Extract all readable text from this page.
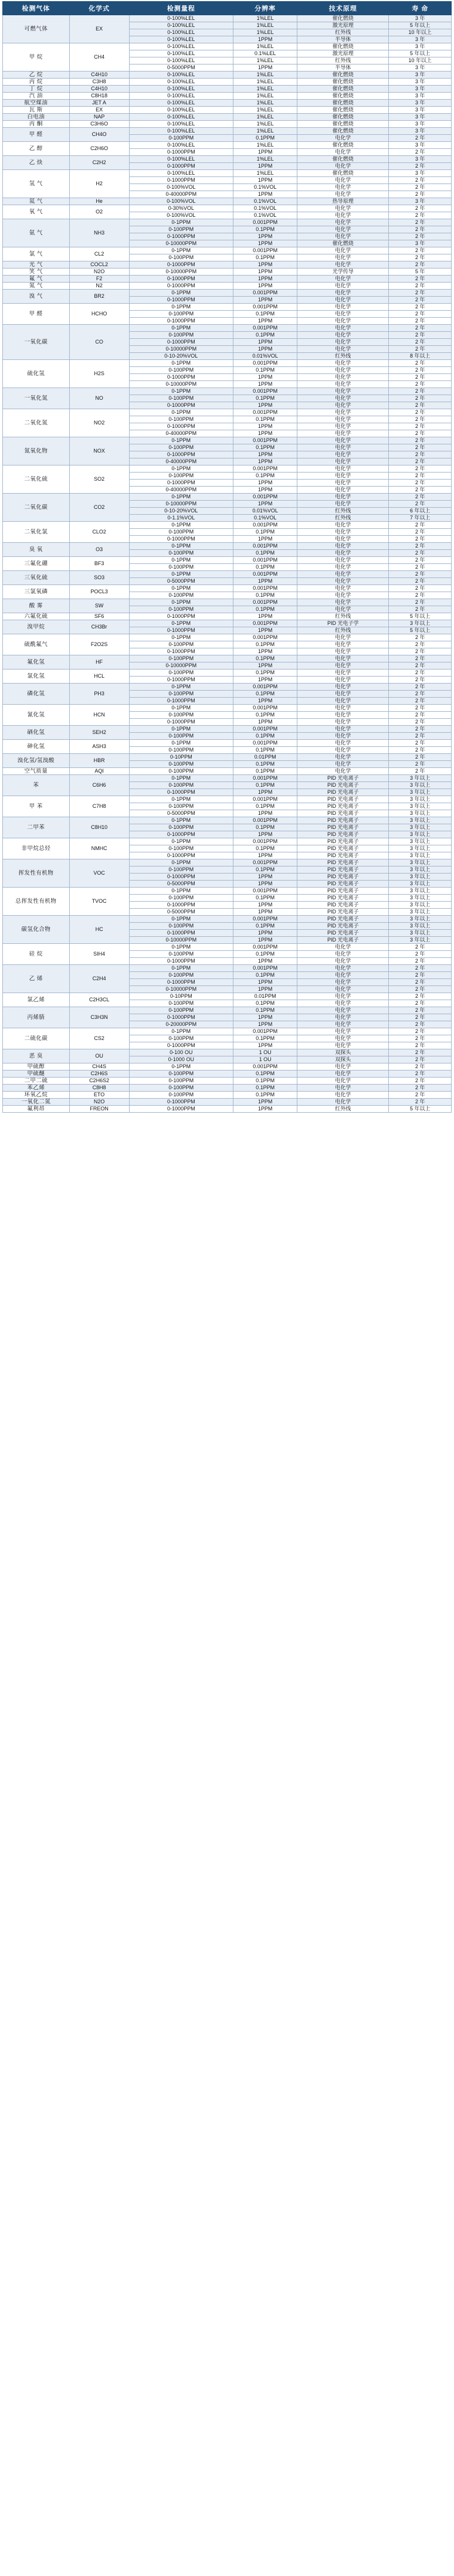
检测气体	化学式	检测量程	分辨率	技术原理	寿 命
可燃气体	EX	0-100%LEL	1%LEL	催化燃烧	3 年
		0-100%LEL	1%LEL	激光原理	5 年以上
		0-100%LEL	1%LEL	红外线	10 年以上
		0-100%LEL	1PPM	半导体	3 年
甲 烷	CH4	0-100%LEL	1%LEL	催化燃烧	3 年
		0-100%LEL	0.1%LEL	激光原理	5 年以上
		0-100%LEL	1%LEL	红外线	10 年以上
		0-5000PPM	1PPM	半导体	3 年
乙 烷	C4H10	0-100%LEL	1%LEL	催化燃烧	3 年
丙 烷	C3H8	0-100%LEL	1%LEL	催化燃烧	3 年
丁 烷	C4H10	0-100%LEL	1%LEL	催化燃烧	3 年
汽 油	C8H18	0-100%LEL	1%LEL	催化燃烧	3 年
航空煤油	JET A	0-100%LEL	1%LEL	催化燃烧	3 年
瓦 斯	EX	0-100%LEL	1%LEL	催化燃烧	3 年
白电油	NAP	0-100%LEL	1%LEL	催化燃烧	3 年
丙 酮	C3H6O	0-100%LEL	1%LEL	催化燃烧	3 年
甲 醛	CH4O	0-100%LEL	1%LEL	催化燃烧	3 年
		0-100PPM	0.1PPM	电化学	2 年
乙 醇	C2H6O	0-100%LEL	1%LEL	催化燃烧	3 年
		0-1000PPM	1PPM	电化学	2 年
乙 炔	C2H2	0-100%LEL	1%LEL	催化燃烧	3 年
		0-1000PPM	1PPM	电化学	2 年
氢 气	H2	0-100%LEL	1%LEL	催化燃烧	3 年
		0-1000PPM	1PPM	电化学	2 年
		0-100%VOL	0.1%VOL	电化学	2 年
		0-40000PPM	1PPM	电化学	2 年
氦 气	He	0-100%VOL	0.1%VOL	热导原理	3 年
氧 气	O2	0-30%VOL	0.1%VOL	电化学	2 年
		0-100%VOL	0.1%VOL	电化学	2 年
氨 气	NH3	0-1PPM	0.001PPM	电化学	2 年
		0-100PPM	0.1PPM	电化学	2 年
		0-1000PPM	1PPM	电化学	2 年
		0-10000PPM	1PPM	催化燃烧	3 年
氯 气	CL2	0-1PPM	0.001PPM	电化学	2 年
		0-100PPM	0.1PPM	电化学	2 年
光 气	COCL2	0-1000PPM	1PPM	电化学	2 年
笑 气	N2O	0-10000PPM	1PPM	光学传导	5 年
氟 气	F2	0-1000PPM	1PPM	电化学	2 年
氮 气	N2	0-1000PPM	1PPM	电化学	2 年
溴 气	BR2	0-1PPM	0.001PPM	电化学	2 年
		0-1000PPM	1PPM	电化学	2 年
甲 醛	HCHO	0-1PPM	0.001PPM	电化学	2 年
		0-100PPM	0.1PPM	电化学	2 年
		0-1000PPM	1PPM	电化学	2 年
一氧化碳	CO	0-1PPM	0.001PPM	电化学	2 年
		0-100PPM	0.1PPM	电化学	2 年
		0-1000PPM	1PPM	电化学	2 年
		0-10000PPM	1PPM	电化学	2 年
		0-10-20%VOL	0.01%VOL	红外线	8 年以上
硫化氢	H2S	0-1PPM	0.001PPM	电化学	2 年
		0-100PPM	0.1PPM	电化学	2 年
		0-1000PPM	1PPM	电化学	2 年
		0-10000PPM	1PPM	电化学	2 年
一氧化氮	NO	0-1PPM	0.001PPM	电化学	2 年
		0-100PPM	0.1PPM	电化学	2 年
		0-1000PPM	1PPM	电化学	2 年
二氧化氮	NO2	0-1PPM	0.001PPM	电化学	2 年
		0-100PPM	0.1PPM	电化学	2 年
		0-1000PPM	1PPM	电化学	2 年
		0-40000PPM	1PPM	电化学	2 年
氮氧化物	NOX	0-1PPM	0.001PPM	电化学	2 年
		0-100PPM	0.1PPM	电化学	2 年
		0-1000PPM	1PPM	电化学	2 年
		0-40000PPM	1PPM	电化学	2 年
二氧化硫	SO2	0-1PPM	0.001PPM	电化学	2 年
		0-100PPM	0.1PPM	电化学	2 年
		0-1000PPM	1PPM	电化学	2 年
		0-40000PPM	1PPM	电化学	2 年
二氧化碳	CO2	0-1PPM	0.001PPM	电化学	2 年
		0-10000PPM	1PPM	电化学	2 年
		0-10-20%VOL	0.01%VOL	红外线	6 年以上
		0-1.1%VOL	0.1%VOL	红外线	7 年以上
二氧化氯	CLO2	0-1PPM	0.001PPM	电化学	2 年
		0-100PPM	0.1PPM	电化学	2 年
		0-1000PPM	1PPM	电化学	2 年
臭 氧	O3	0-1PPM	0.001PPM	电化学	2 年
		0-100PPM	0.1PPM	电化学	2 年
三氟化硼	BF3	0-1PPM	0.001PPM	电化学	2 年
		0-100PPM	0.1PPM	电化学	2 年
三氧化硫	SO3	0-1PPM	0.001PPM	电化学	2 年
		0-5000PPM	1PPM	电化学	2 年
三氯氧磷	POCL3	0-1PPM	0.001PPM	电化学	2 年
		0-100PPM	0.1PPM	电化学	2 年
酸 雾	SW	0-1PPM	0.001PPM	电化学	2 年
		0-100PPM	0.1PPM	电化学	2 年
六氟化硫	SF6	0-1000PPM	1PPM	红外线	5 年以上
溴甲烷	CH3Br	0-1PPM	0.001PPM	PID 光电子学	3 年以上
		0-1000PPM	1PPM	红外线	5 年以上
硫酰氟气	F2O2S	0-1PPM	0.001PPM	电化学	2 年
		0-100PPM	0.1PPM	电化学	2 年
		0-1000PPM	1PPM	电化学	2 年
氟化氢	HF	0-100PPM	0.1PPM	电化学	2 年
		0-10000PPM	1PPM	电化学	2 年
氯化氢	HCL	0-100PPM	0.1PPM	电化学	2 年
		0-1000PPM	1PPM	电化学	2 年
磷化氢	PH3	0-1PPM	0.001PPM	电化学	2 年
		0-100PPM	0.1PPM	电化学	2 年
		0-1000PPM	1PPM	电化学	2 年
氰化氢	HCN	0-1PPM	0.001PPM	电化学	2 年
		0-100PPM	0.1PPM	电化学	2 年
		0-1000PPM	1PPM	电化学	2 年
硒化氢	SEH2	0-1PPM	0.001PPM	电化学	2 年
		0-100PPM	0.1PPM	电化学	2 年
砷化氢	ASH3	0-1PPM	0.001PPM	电化学	2 年
		0-100PPM	0.1PPM	电化学	2 年
溴化氢/氢溴酸	HBR	0-10PPM	0.01PPM	电化学	2 年
		0-100PPM	0.1PPM	电化学	2 年
空气质量	AQI	0-100PPM	0.1PPM	电化学	2 年
苯	C6H6	0-1PPM	0.001PPM	PID 光电离子	3 年以上
		0-100PPM	0.1PPM	PID 光电离子	3 年以上
		0-1000PPM	1PPM	PID 光电离子	3 年以上
甲 苯	C7H8	0-1PPM	0.001PPM	PID 光电离子	3 年以上
		0-100PPM	0.1PPM	PID 光电离子	3 年以上
		0-5000PPM	1PPM	PID 光电离子	3 年以上
二甲苯	C8H10	0-1PPM	0.001PPM	PID 光电离子	3 年以上
		0-100PPM	0.1PPM	PID 光电离子	3 年以上
		0-1000PPM	1PPM	PID 光电离子	3 年以上
非甲烷总烃	NMHC	0-1PPM	0.001PPM	PID 光电离子	3 年以上
		0-100PPM	0.1PPM	PID 光电离子	3 年以上
		0-1000PPM	1PPM	PID 光电离子	3 年以上
挥发性有机物	VOC	0-1PPM	0.001PPM	PID 光电离子	3 年以上
		0-100PPM	0.1PPM	PID 光电离子	3 年以上
		0-1000PPM	1PPM	PID 光电离子	3 年以上
		0-5000PPM	1PPM	PID 光电离子	3 年以上
总挥发性有机物	TVOC	0-1PPM	0.001PPM	PID 光电离子	3 年以上
		0-100PPM	0.1PPM	PID 光电离子	3 年以上
		0-1000PPM	1PPM	PID 光电离子	3 年以上
		0-5000PPM	1PPM	PID 光电离子	3 年以上
碳氢化合物	HC	0-1PPM	0.001PPM	PID 光电离子	3 年以上
		0-100PPM	0.1PPM	PID 光电离子	3 年以上
		0-1000PPM	1PPM	PID 光电离子	3 年以上
		0-10000PPM	1PPM	PID 光电离子	3 年以上
硅 烷	SIH4	0-1PPM	0.001PPM	电化学	2 年
		0-100PPM	0.1PPM	电化学	2 年
		0-1000PPM	1PPM	电化学	2 年
乙 烯	C2H4	0-1PPM	0.001PPM	电化学	2 年
		0-100PPM	0.1PPM	电化学	2 年
		0-1000PPM	1PPM	电化学	2 年
		0-10000PPM	1PPM	电化学	2 年
氯乙烯	C2H3CL	0-10PPM	0.01PPM	电化学	2 年
		0-100PPM	0.1PPM	电化学	2 年
丙烯腈	C3H3N	0-100PPM	0.1PPM	电化学	2 年
		0-1000PPM	1PPM	电化学	2 年
		0-20000PPM	1PPM	电化学	2 年
二硫化碳	CS2	0-1PPM	0.001PPM	电化学	2 年
		0-100PPM	0.1PPM	电化学	2 年
		0-1000PPM	1PPM	电化学	2 年
恶 臭	OU	0-100 OU	1 OU	双探头	2 年
		0-1000 OU	1 OU	双探头	2 年
甲硫醇	CH4S	0-1PPM	0.001PPM	电化学	2 年
甲硫醚	C2H6S	0-100PPM	0.1PPM	电化学	2 年
二甲二硫	C2H6S2	0-100PPM	0.1PPM	电化学	2 年
苯乙烯	C8H8	0-100PPM	0.1PPM	电化学	2 年
环氧乙烷	ETO	0-100PPM	0.1PPM	电化学	2 年
一氧化二氮	N2O	0-1000PPM	1PPM	电化学	2 年
氟利昂	FREON	0-1000PPM	1PPM	红外线	5 年以上
